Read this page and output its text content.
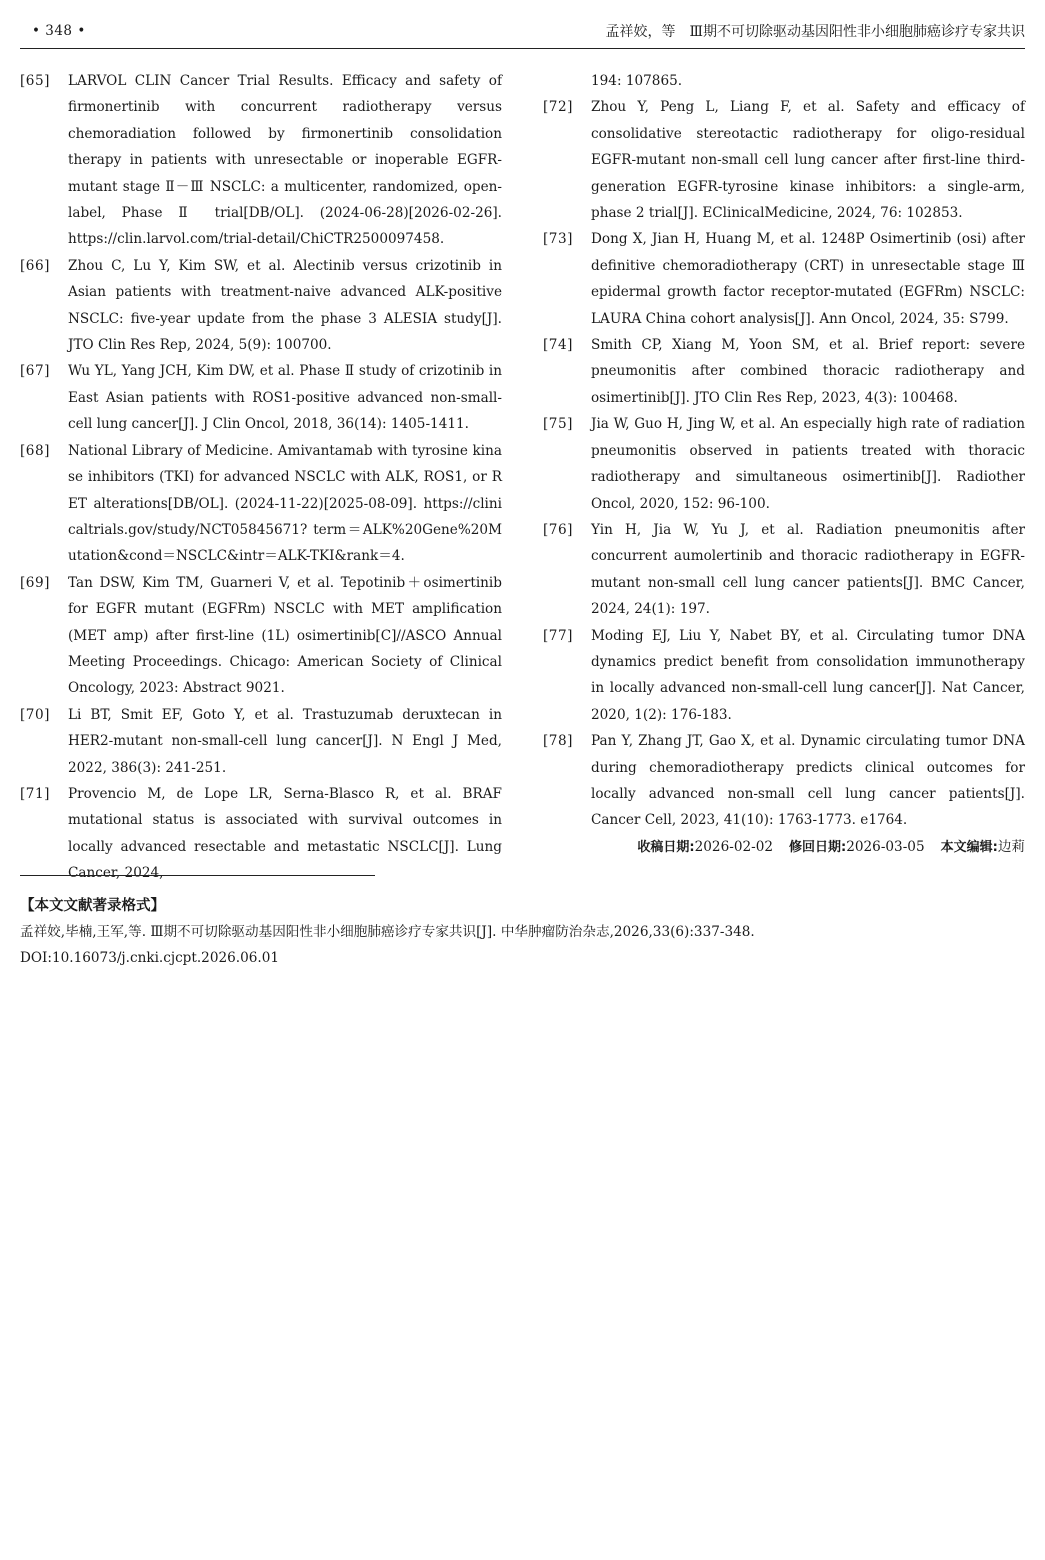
• 348 •	孟祥姣，等　Ⅲ期不可切除驱动基因阳性非小细胞肺癌诊疗专家共识
[65] LARVOL CLIN Cancer Trial Results. Efficacy and safety of firmonertinib with concurrent radiotherapy versus chemoradiation followed by firmonertinib consolidation therapy in patients with unresectable or inoperable EGFR-mutant stage Ⅱ－Ⅲ NSCLC: a multicenter, randomized, open-label, Phase Ⅱ trial[DB/OL]. (2024-06-28)[2026-02-26]. https://clin.larvol.com/trial-detail/ChiCTR2500097458.
[66] Zhou C, Lu Y, Kim SW, et al. Alectinib versus crizotinib in Asian patients with treatment-naive advanced ALK-positive NSCLC: five-year update from the phase 3 ALESIA study[J]. JTO Clin Res Rep, 2024, 5(9): 100700.
[67] Wu YL, Yang JCH, Kim DW, et al. Phase Ⅱ study of crizotinib in East Asian patients with ROS1-positive advanced non-small-cell lung cancer[J]. J Clin Oncol, 2018, 36(14): 1405-1411.
[68] National Library of Medicine. Amivantamab with tyrosine kinase inhibitors (TKI) for advanced NSCLC with ALK, ROS1, or RET alterations[DB/OL]. (2024-11-22)[2025-08-09]. https://clinicaltrials.gov/study/NCT05845671? term＝ALK%20Gene%20Mutation&cond＝NSCLC&intr＝ALK-TKI&rank＝4.
[69] Tan DSW, Kim TM, Guarneri V, et al. Tepotinib＋osimertinib for EGFR mutant (EGFRm) NSCLC with MET amplification (MET amp) after first-line (1L) osimertinib[C]//ASCO Annual Meeting Proceedings. Chicago: American Society of Clinical Oncology, 2023: Abstract 9021.
[70] Li BT, Smit EF, Goto Y, et al. Trastuzumab deruxtecan in HER2-mutant non-small-cell lung cancer[J]. N Engl J Med, 2022, 386(3): 241-251.
[71] Provencio M, de Lope LR, Serna-Blasco R, et al. BRAF mutational status is associated with survival outcomes in locally advanced resectable and metastatic NSCLC[J]. Lung Cancer, 2024,
194: 107865.
[72] Zhou Y, Peng L, Liang F, et al. Safety and efficacy of consolidative stereotactic radiotherapy for oligo-residual EGFR-mutant non-small cell lung cancer after first-line third-generation EGFR-tyrosine kinase inhibitors: a single-arm, phase 2 trial[J]. EClinicalMedicine, 2024, 76: 102853.
[73] Dong X, Jian H, Huang M, et al. 1248P Osimertinib (osi) after definitive chemoradiotherapy (CRT) in unresectable stage Ⅲ epidermal growth factor receptor-mutated (EGFRm) NSCLC: LAURA China cohort analysis[J]. Ann Oncol, 2024, 35: S799.
[74] Smith CP, Xiang M, Yoon SM, et al. Brief report: severe pneumonitis after combined thoracic radiotherapy and osimertinib[J]. JTO Clin Res Rep, 2023, 4(3): 100468.
[75] Jia W, Guo H, Jing W, et al. An especially high rate of radiation pneumonitis observed in patients treated with thoracic radiotherapy and simultaneous osimertinib[J]. Radiother Oncol, 2020, 152: 96-100.
[76] Yin H, Jia W, Yu J, et al. Radiation pneumonitis after concurrent aumolertinib and thoracic radiotherapy in EGFR-mutant non-small cell lung cancer patients[J]. BMC Cancer, 2024, 24(1): 197.
[77] Moding EJ, Liu Y, Nabet BY, et al. Circulating tumor DNA dynamics predict benefit from consolidation immunotherapy in locally advanced non-small-cell lung cancer[J]. Nat Cancer, 2020, 1(2): 176-183.
[78] Pan Y, Zhang JT, Gao X, et al. Dynamic circulating tumor DNA during chemoradiotherapy predicts clinical outcomes for locally advanced non-small cell lung cancer patients[J]. Cancer Cell, 2023, 41(10): 1763-1773. e1764.
收稿日期:2026-02-02 修回日期:2026-03-05 本文编辑:边莉
【本文文献著录格式】
孟祥姣,毕楠,王军,等. Ⅲ期不可切除驱动基因阳性非小细胞肺癌诊疗专家共识[J]. 中华肿瘤防治杂志,2026,33(6):337-348.
DOI:10.16073/j.cnki.cjcpt.2026.06.01
